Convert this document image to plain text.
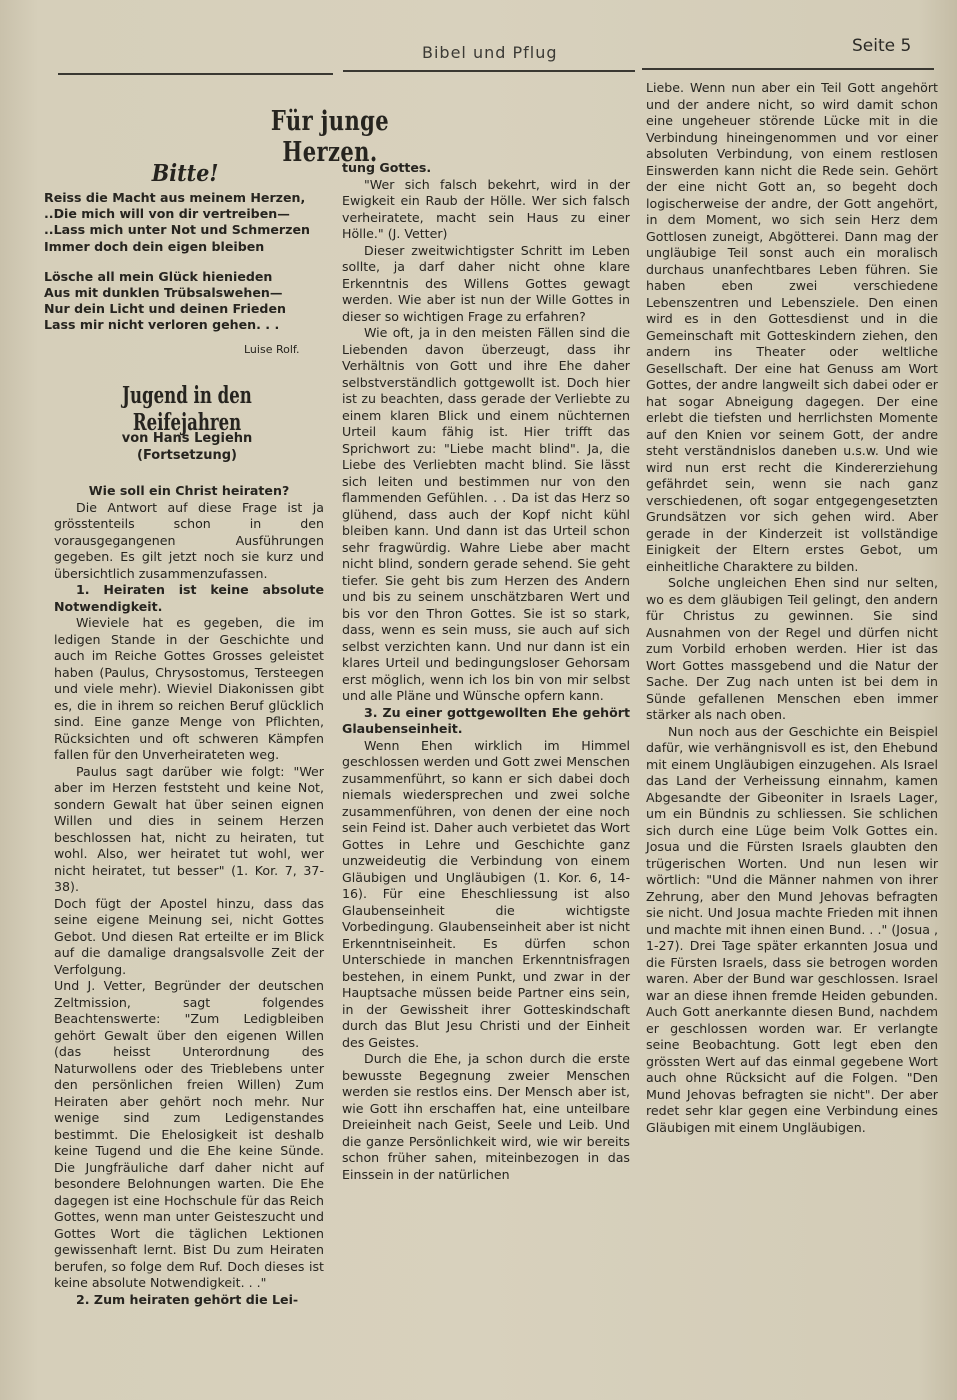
Bibel und Pflug	Seite 5
Für junge Herzen.
Bitte!
Reiss die Macht aus meinem Herzen,
..Die mich will von dir vertreiben—
..Lass mich unter Not und Schmerzen
Immer doch dein eigen bleiben
Lösche all mein Glück hienieden
Aus mit dunklen Trübsalswehen—
Nur dein Licht und deinen Frieden
Lass mir nicht verloren gehen. . .
Luise Rolf.
Jugend in den Reifejahren
von Hans Legiehn
(Fortsetzung)

Wie soll ein Christ heiraten?

Die Antwort auf diese Frage ist ja grösstenteils schon in den vorausgegangenen Ausführungen gegeben. Es gilt jetzt noch sie kurz und übersichtlich zusammenzufassen.

1. Heiraten ist keine absolute Notwendigkeit.

Wieviele hat es gegeben, die im ledigen Stande in der Geschichte und auch im Reiche Gottes Grosses geleistet haben (Paulus, Chrysostomus, Tersteegen und viele mehr). Wieviel Diakonissen gibt es, die in ihrem so reichen Beruf glücklich sind. Eine ganze Menge von Pflichten, Rücksichten und oft schweren Kämpfen fallen für den Unverheirateten weg.

Paulus sagt darüber wie folgt: "Wer aber im Herzen feststeht und keine Not, sondern Gewalt hat über seinen eignen Willen und dies in seinem Herzen beschlossen hat, nicht zu heiraten, tut wohl. Also, wer heiratet tut wohl, wer nicht heiratet, tut besser" (1. Kor. 7, 37-38).

Doch fügt der Apostel hinzu, dass das seine eigene Meinung sei, nicht Gottes Gebot. Und diesen Rat erteilte er im Blick auf die damalige drangsalsvolle Zeit der Verfolgung.

Und J. Vetter, Begründer der deutschen Zeltmission, sagt folgendes Beachtenswerte: "Zum Ledigbleiben gehört Gewalt über den eigenen Willen (das heisst Unterordnung des Naturwollens oder des Trieblebens unter den persönlichen freien Willen) Zum Heiraten aber gehört noch mehr. Nur wenige sind zum Ledigenstandes bestimmt. Die Ehelosigkeit ist deshalb keine Tugend und die Ehe keine Sünde. Die Jungfräuliche darf daher nicht auf besondere Belohnungen warten. Die Ehe dagegen ist eine Hochschule für das Reich Gottes, wenn man unter Geisteszucht und Gottes Wort die täglichen Lektionen gewissenhaft lernt. Bist Du zum Heiraten berufen, so folge dem Ruf. Doch dieses ist keine absolute Notwendigkeit. . ."

2. Zum heiraten gehört die Lei-

tung Gottes.

"Wer sich falsch bekehrt, wird in der Ewigkeit ein Raub der Hölle. Wer sich falsch verheiratete, macht sein Haus zu einer Hölle." (J. Vetter)

Dieser zweitwichtigster Schritt im Leben sollte, ja darf daher nicht ohne klare Erkenntnis des Willens Gottes gewagt werden. Wie aber ist nun der Wille Gottes in dieser so wichtigen Frage zu erfahren?

Wie oft, ja in den meisten Fällen sind die Liebenden davon überzeugt, dass ihr Verhältnis von Gott und ihre Ehe daher selbstverständlich gottgewollt ist. Doch hier ist zu beachten, dass gerade der Verliebte zu einem klaren Blick und einem nüchternen Urteil kaum fähig ist. Hier trifft das Sprichwort zu: "Liebe macht blind". Ja, die Liebe des Verliebten macht blind. Sie lässt sich leiten und bestimmen nur von den flammenden Gefühlen. . . Da ist das Herz so glühend, dass auch der Kopf nicht kühl bleiben kann. Und dann ist das Urteil schon sehr fragwürdig. Wahre Liebe aber macht nicht blind, sondern gerade sehend. Sie geht tiefer. Sie geht bis zum Herzen des Andern und bis zu seinem unschätzbaren Wert und bis vor den Thron Gottes. Sie ist so stark, dass, wenn es sein muss, sie auch auf sich selbst verzichten kann. Und nur dann ist ein klares Urteil und bedingungsloser Gehorsam erst möglich, wenn ich los bin von mir selbst und alle Pläne und Wünsche opfern kann.

3. Zu einer gottgewollten Ehe gehört Glaubenseinheit.

Wenn Ehen wirklich im Himmel geschlossen werden und Gott zwei Menschen zusammenführt, so kann er sich dabei doch niemals wiedersprechen und zwei solche zusammenführen, von denen der eine noch sein Feind ist. Daher auch verbietet das Wort Gottes in Lehre und Geschichte ganz unzweideutig die Verbindung von einem Gläubigen und Ungläubigen (1. Kor. 6, 14-16). Für eine Eheschliessung ist also Glaubenseinheit die wichtigste Vorbedingung. Glaubenseinheit aber ist nicht Erkenntniseinheit. Es dürfen schon Unterschiede in manchen Erkenntnisfragen bestehen, in einem Punkt, und zwar in der Hauptsache müssen beide Partner eins sein, in der Gewissheit ihrer Gotteskindschaft durch das Blut Jesu Christi und der Einheit des Geistes.

Durch die Ehe, ja schon durch die erste bewusste Begegnung zweier Menschen werden sie restlos eins. Der Mensch aber ist, wie Gott ihn erschaffen hat, eine unteilbare Dreieinheit nach Geist, Seele und Leib. Und die ganze Persönlichkeit wird, wie wir bereits schon früher sahen, miteinbezogen in das Einssein in der natürlichen

Liebe. Wenn nun aber ein Teil Gott angehört und der andere nicht, so wird damit schon eine ungeheuer störende Lücke mit in die Verbindung hineingenommen und vor einer absoluten Verbindung, von einem restlosen Einswerden kann nicht die Rede sein. Gehört der eine nicht Gott an, so begeht doch logischerweise der andre, der Gott angehört, in dem Moment, wo sich sein Herz dem Gottlosen zuneigt, Abgötterei. Dann mag der ungläubige Teil sonst auch ein moralisch durchaus unanfechtbares Leben führen. Sie haben eben zwei verschiedene Lebenszentren und Lebensziele. Den einen wird es in den Gottesdienst und in die Gemeinschaft mit Gotteskindern ziehen, den andern ins Theater oder weltliche Gesellschaft. Der eine hat Genuss am Wort Gottes, der andre langweilt sich dabei oder er hat sogar Abneigung dagegen. Der eine erlebt die tiefsten und herrlichsten Momente auf den Knien vor seinem Gott, der andre steht verständnislos daneben u.s.w. Und wie wird nun erst recht die Kindererziehung gefährdet sein, wenn sie nach ganz verschiedenen, oft sogar entgegengesetzten Grundsätzen vor sich gehen wird. Aber gerade in der Kinderzeit ist vollständige Einigkeit der Eltern erstes Gebot, um einheitliche Charaktere zu bilden.

Solche ungleichen Ehen sind nur selten, wo es dem gläubigen Teil gelingt, den andern für Christus zu gewinnen. Sie sind Ausnahmen von der Regel und dürfen nicht zum Vorbild erhoben werden. Hier ist das Wort Gottes massgebend und die Natur der Sache. Der Zug nach unten ist bei dem in Sünde gefallenen Menschen eben immer stärker als nach oben.

Nun noch aus der Geschichte ein Beispiel dafür, wie verhängnisvoll es ist, den Ehebund mit einem Ungläubigen einzugehen. Als Israel das Land der Verheissung einnahm, kamen Abgesandte der Gibeoniter in Israels Lager, um ein Bündnis zu schliessen. Sie schlichen sich durch eine Lüge beim Volk Gottes ein. Josua und die Fürsten Israels glaubten den trügerischen Worten. Und nun lesen wir wörtlich: "Und die Männer nahmen von ihrer Zehrung, aber den Mund Jehovas befragten sie nicht. Und Josua machte Frieden mit ihnen und machte mit ihnen einen Bund. . ." (Josua , 1-27). Drei Tage später erkannten Josua und die Fürsten Israels, dass sie betrogen worden waren. Aber der Bund war geschlossen. Israel war an diese ihnen fremde Heiden gebunden. Auch Gott anerkannte diesen Bund, nachdem er geschlossen worden war. Er verlangte seine Beobachtung. Gott legt eben den grössten Wert auf das einmal gegebene Wort auch ohne Rücksicht auf die Folgen. "Den Mund Jehovas befragten sie nicht". Der aber redet sehr klar gegen eine Verbindung eines Gläubigen mit einem Ungläubigen.
